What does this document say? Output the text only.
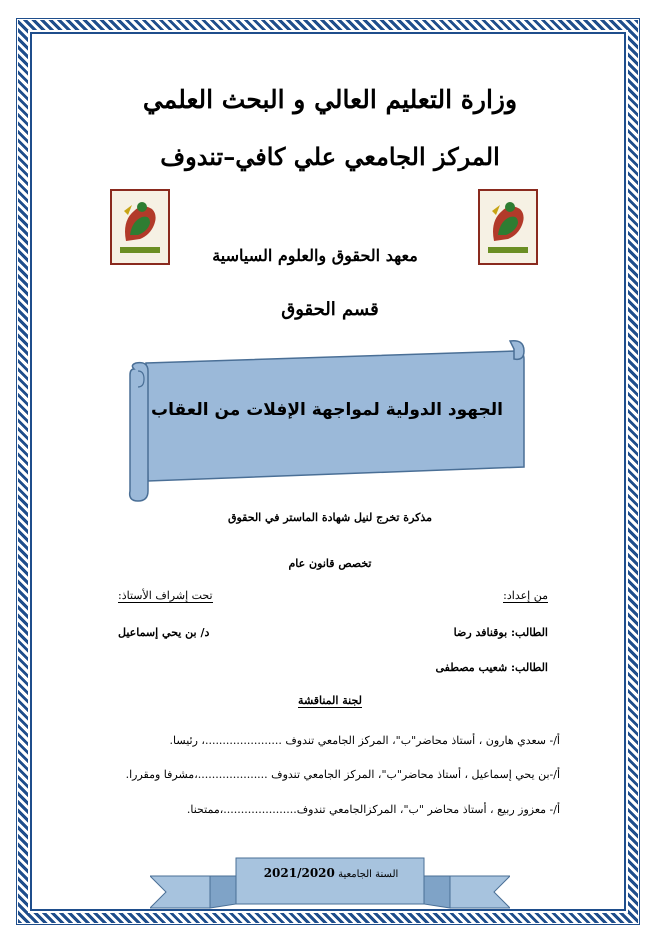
وزارة التعليم العالي و البحث العلمي
المركز الجامعي علي كافي–تندوف
معهد الحقوق والعلوم السياسية
قسم الحقوق
الجهود الدولية لمواجهة الإفلات من العقاب
مذكرة تخرج لنيل شهادة الماستر في الحقوق
تخصص قانون عام
من إعداد:
تحت إشراف الأستاذ:
الطالب: بوقنافد رضا
د/ بن يحي إسماعيل
الطالب: شعيب مصطفى
لجنة المناقشة
أ/- سعدي هارون ، أستاذ محاضر"ب"، المركز الجامعي تندوف ......................، رئيسا.
أ/-بن يحي إسماعيل ، أستاذ محاضر"ب"، المركز الجامعي تندوف ....................،مشرفا ومقررا.
أ/- معزوز ربيع ، أستاذ محاضر "ب"، المركزالجامعي تندوف.....................،ممتحنا.
السنة الجامعية 2021/2020
